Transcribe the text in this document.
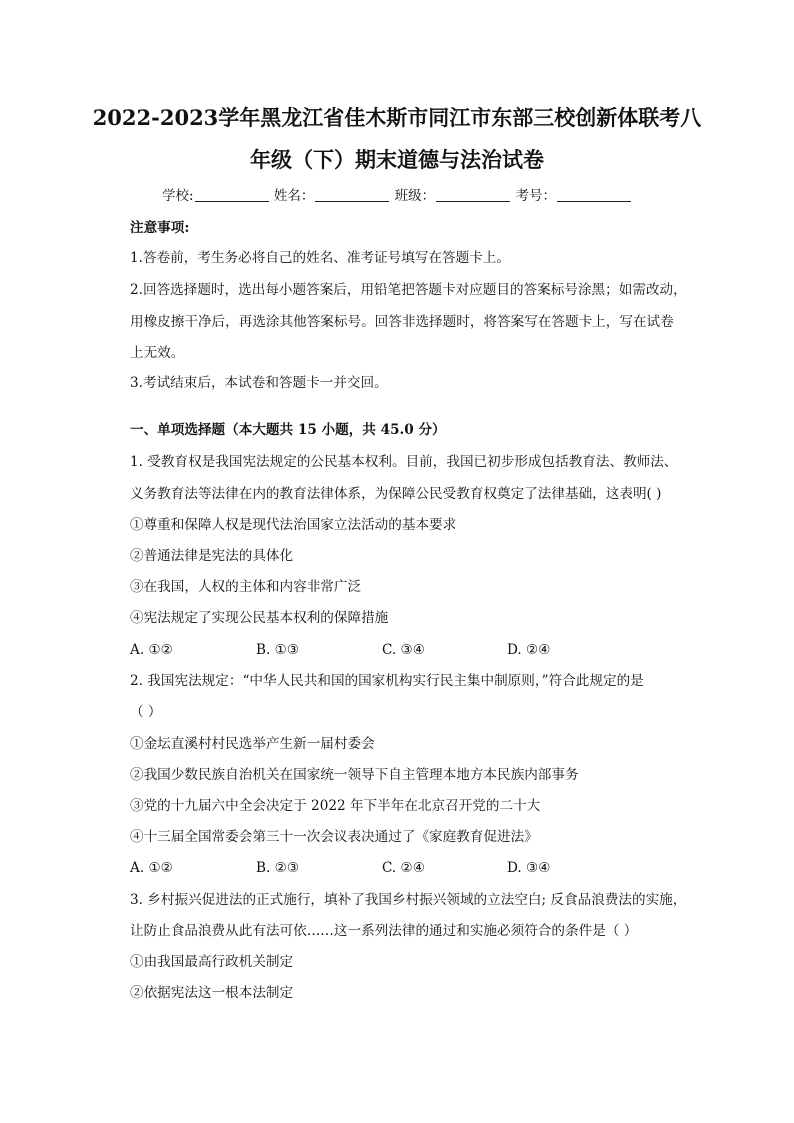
2022-2023学年黑龙江省佳木斯市同江市东部三校创新体联考八
年级（下）期末道德与法治试卷
学校:	姓名：	班级：	考号：
注意事项:
1.答卷前，考生务必将自己的姓名、准考证号填写在答题卡上。
2.回答选择题时，选出每小题答案后，用铅笔把答题卡对应题目的答案标号涂黑；如需改动，
用橡皮擦干净后，再选涂其他答案标号。回答非选择题时，将答案写在答题卡上，写在试卷
上无效。
3.考试结束后，本试卷和答题卡一并交回。
一、单项选择题（本大题共 15 小题，共 45.0 分）
1. 受教育权是我国宪法规定的公民基本权利。目前，我国已初步形成包括教育法、教师法、
义务教育法等法律在内的教育法律体系，为保障公民受教育权奠定了法律基础，这表明( )
①尊重和保障人权是现代法治国家立法活动的基本要求
②普通法律是宪法的具体化
③在我国，人权的主体和内容非常广泛
④宪法规定了实现公民基本权利的保障措施
A. ①②	B. ①③	C. ③④	D. ②④
2. 我国宪法规定：“中华人民共和国的国家机构实行民主集中制原则，”符合此规定的是
（ ）
①金坛直溪村村民选举产生新一届村委会
②我国少数民族自治机关在国家统一领导下自主管理本地方本民族内部事务
③党的十九届六中全会决定于 2022 年下半年在北京召开党的二十大
④十三届全国常委会第三十一次会议表决通过了《家庭教育促进法》
A. ①②	B. ②③	C. ②④	D. ③④
3. 乡村振兴促进法的正式施行，填补了我国乡村振兴领域的立法空白; 反食品浪费法的实施，
让防止食品浪费从此有法可依……这一系列法律的通过和实施必须符合的条件是（ ）
①由我国最高行政机关制定
②依据宪法这一根本法制定
